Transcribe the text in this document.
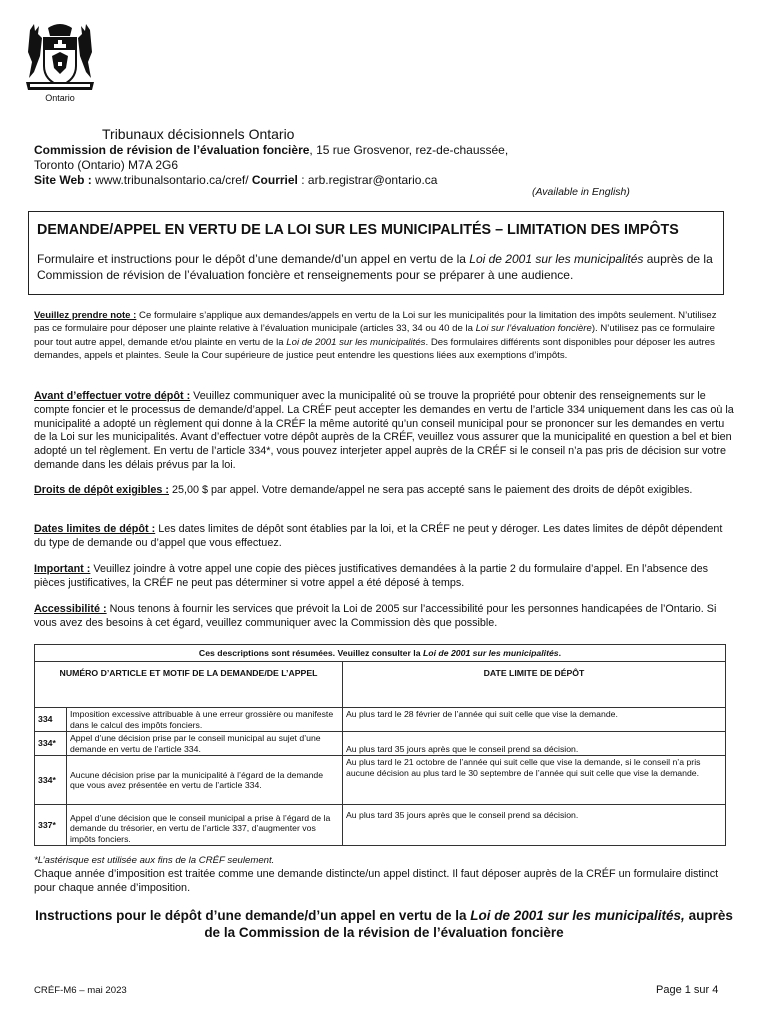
Ontario
Tribunaux décisionnels Ontario
Commission de révision de l’évaluation foncière, 15 rue Grosvenor, rez-de-chaussée,
Toronto (Ontario) M7A 2G6
Site Web : www.tribunalsontario.ca/cref/ Courriel : arb.registrar@ontario.ca
(Available in English)
DEMANDE/APPEL EN VERTU DE LA LOI SUR LES MUNICIPALITÉS – LIMITATION DES IMPÔTS
Formulaire et instructions pour le dépôt d’une demande/d’un appel en vertu de la Loi de 2001 sur les municipalités auprès de la Commission de révision de l’évaluation foncière et renseignements pour se préparer à une audience.
Veuillez prendre note : Ce formulaire s’applique aux demandes/appels en vertu de la Loi sur les municipalités pour la limitation des impôts seulement. N’utilisez pas ce formulaire pour déposer une plainte relative à l’évaluation municipale (articles 33, 34 ou 40 de la Loi sur l’évaluation foncière). N’utilisez pas ce formulaire pour tout autre appel, demande et/ou plainte en vertu de la Loi de 2001 sur les municipalités. Des formulaires différents sont disponibles pour déposer les autres demandes, appels et plaintes. Seule la Cour supérieure de justice peut entendre les questions liées aux exemptions d’impôts.
Avant d’effectuer votre dépôt : Veuillez communiquer avec la municipalité où se trouve la propriété pour obtenir des renseignements sur le compte foncier et le processus de demande/d’appel. La CRÉF peut accepter les demandes en vertu de l’article 334 uniquement dans les cas où la municipalité a adopté un règlement qui donne à la CRÉF la même autorité qu’un conseil municipal pour se prononcer sur les demandes en vertu de la Loi sur les municipalités. Avant d’effectuer votre dépôt auprès de la CRÉF, veuillez vous assurer que la municipalité en question a bel et bien adopté un tel règlement. En vertu de l’article 334*, vous pouvez interjeter appel auprès de la CRÉF si le conseil n’a pas pris de décision sur votre demande dans les délais prévus par la loi.
Droits de dépôt exigibles : 25,00 $ par appel. Votre demande/appel ne sera pas accepté sans le paiement des droits de dépôt exigibles.
Dates limites de dépôt : Les dates limites de dépôt sont établies par la loi, et la CRÉF ne peut y déroger. Les dates limites de dépôt dépendent du type de demande ou d’appel que vous effectuez.
Important : Veuillez joindre à votre appel une copie des pièces justificatives demandées à la partie 2 du formulaire d’appel. En l’absence des pièces justificatives, la CRÉF ne peut pas déterminer si votre appel a été déposé à temps.
Accessibilité : Nous tenons à fournir les services que prévoit la Loi de 2005 sur l’accessibilité pour les personnes handicapées de l’Ontario. Si vous avez des besoins à cet égard, veuillez communiquer avec la Commission dès que possible.
Ces descriptions sont résumées. Veuillez consulter la Loi de 2001 sur les municipalités.		
NUMÉRO D’ARTICLE ET MOTIF DE LA DEMANDE/DE L’APPEL		DATE LIMITE DE DÉPÔT
334	Imposition excessive attribuable à une erreur grossière ou manifeste dans le calcul des impôts fonciers.	Au plus tard le 28 février de l’année qui suit celle que vise la demande.
334*	Appel d’une décision prise par le conseil municipal au sujet d’une demande en vertu de l’article 334.	Au plus tard 35 jours après que le conseil prend sa décision.
334*	Aucune décision prise par la municipalité à l’égard de la demande que vous avez présentée en vertu de l’article 334.	Au plus tard le 21 octobre de l’année qui suit celle que vise la demande, si le conseil n’a pris aucune décision au plus tard le 30 septembre de l’année qui suit celle que vise la demande.
337*	Appel d’une décision que le conseil municipal a prise à l’égard de la demande du trésorier, en vertu de l’article 337, d’augmenter vos impôts fonciers.	Au plus tard 35 jours après que le conseil prend sa décision.
*L’astérisque est utilisée aux fins de la CRÉF seulement.
Chaque année d’imposition est traitée comme une demande distincte/un appel distinct. Il faut déposer auprès de la CRÉF un formulaire distinct pour chaque année d’imposition.
Instructions pour le dépôt d’une demande/d’un appel en vertu de la Loi de 2001 sur les municipalités, auprès de la Commission de la révision de l’évaluation foncière
CRÉF-M6 – mai 2023	Page 1 sur 4
